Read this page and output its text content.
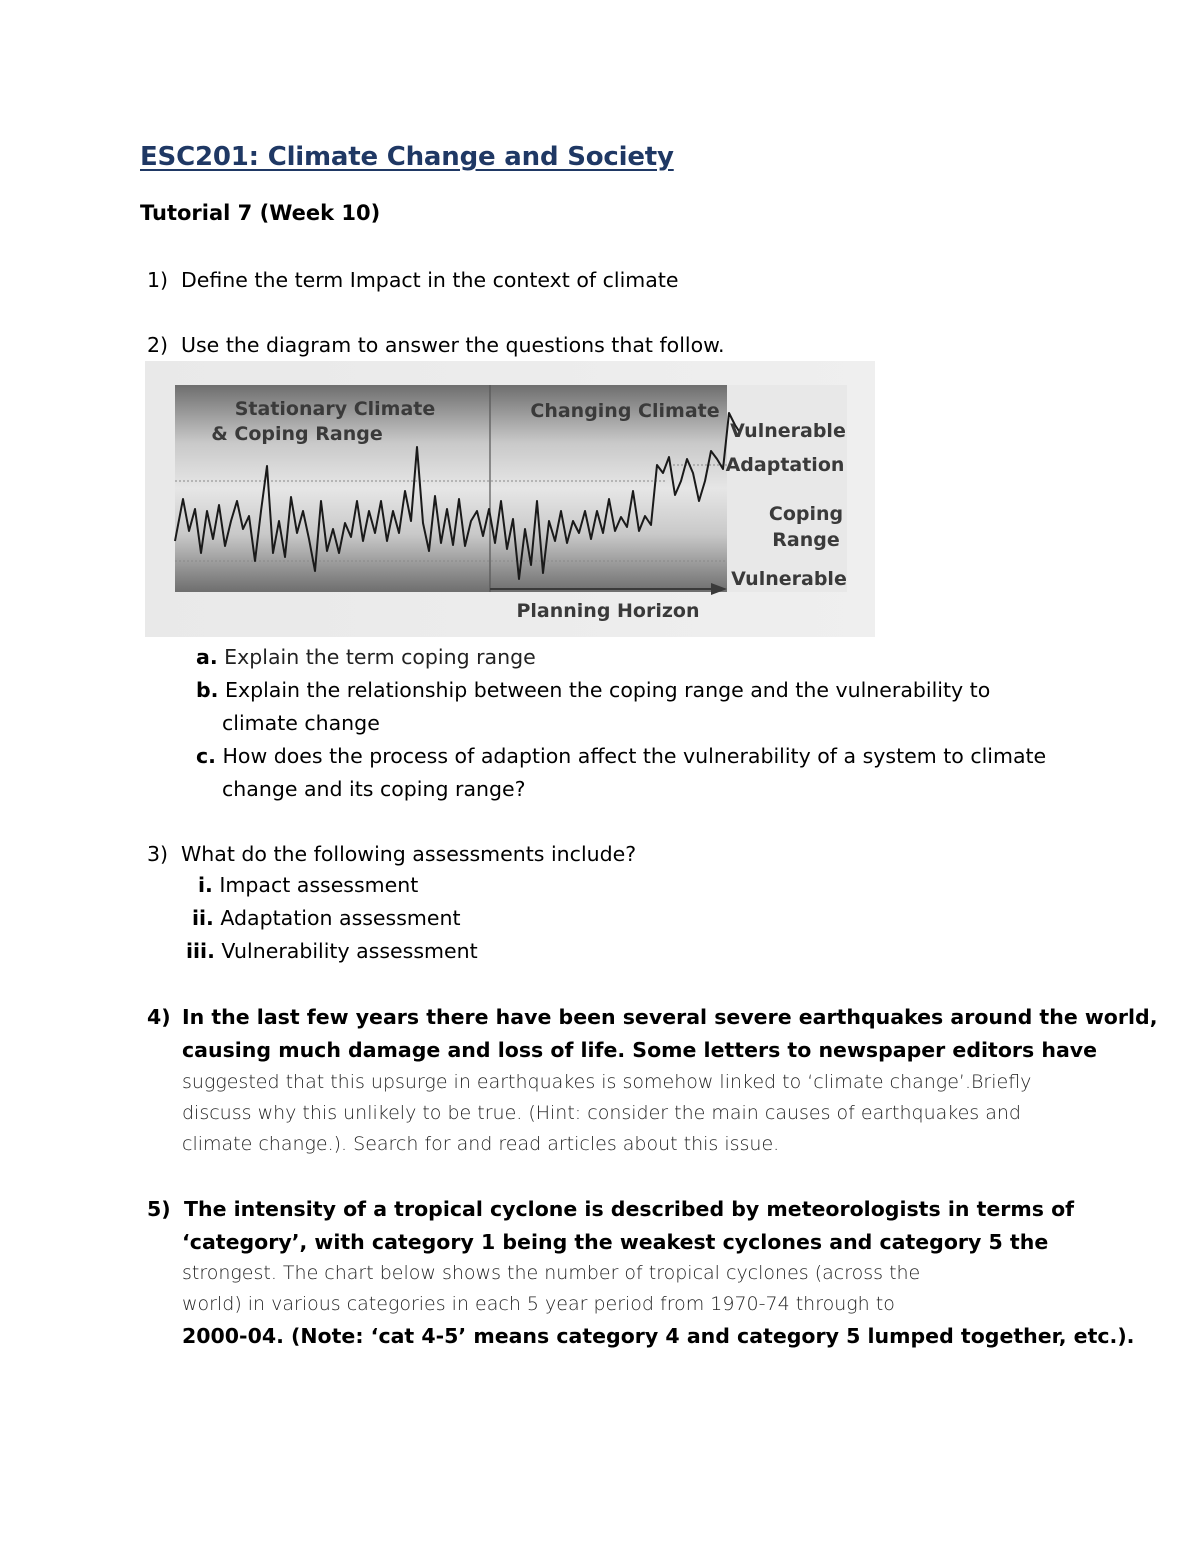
ESC201: Climate Change and Society
Tutorial 7 (Week 10)
1) Define the term Impact in the context of climate
2) Use the diagram to answer the questions that follow.
Stationary Climate
& Coping Range
Changing Climate
Vulnerable
Adaptation
Coping
Range
Vulnerable
Planning Horizon
a. Explain the term coping range
b. Explain the relationship between the coping range and the vulnerability to
climate change
c. How does the process of adaption affect the vulnerability of a system to climate
change and its coping range?
3) What do the following assessments include?
i. Impact assessment
ii. Adaptation assessment
iii. Vulnerability assessment
4) In the last few years there have been several severe earthquakes around the world,
causing much damage and loss of life. Some letters to newspaper editors have
suggested that this upsurge in earthquakes is somehow linked to ‘climate change’.Briefly
discuss why this unlikely to be true. (Hint: consider the main causes of earthquakes and
climate change.). Search for and read articles about this issue.
5) The intensity of a tropical cyclone is described by meteorologists in terms of
‘category’, with category 1 being the weakest cyclones and category 5 the
strongest. The chart below shows the number of tropical cyclones (across the
world) in various categories in each 5 year period from 1970-74 through to
2000-04. (Note: ‘cat 4-5’ means category 4 and category 5 lumped together, etc.).
